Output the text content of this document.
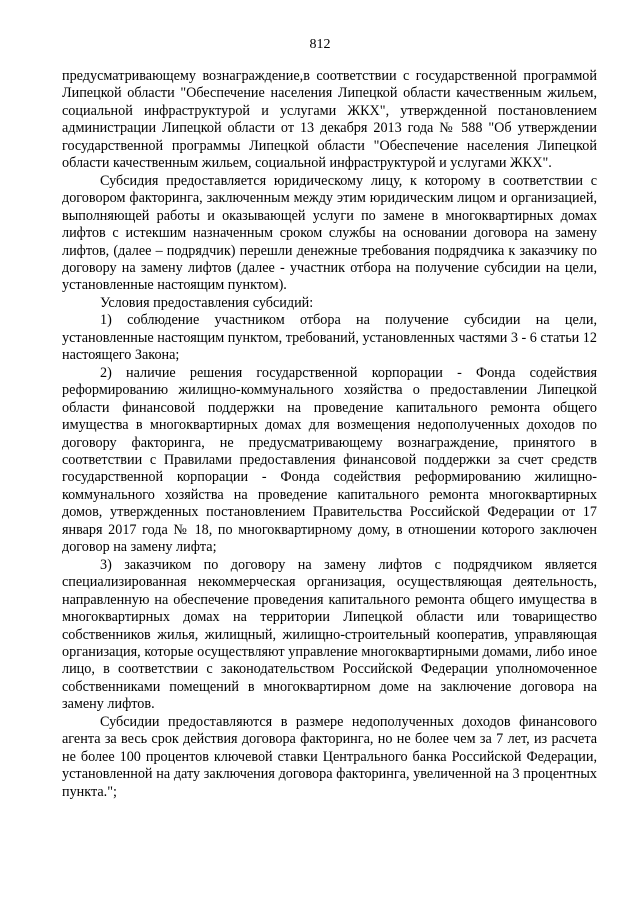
812

предусматривающему вознаграждение,в соответствии с государственной программой Липецкой области "Обеспечение населения Липецкой области качественным жильем, социальной инфраструктурой и услугами ЖКХ", утвержденной постановлением администрации Липецкой области от 13 декабря 2013 года № 588 "Об утверждении государственной программы Липецкой области "Обеспечение населения Липецкой области качественным жильем, социальной инфраструктурой и услугами ЖКХ".

Субсидия предоставляется юридическому лицу, к которому в соответствии с договором факторинга, заключенным между этим юридическим лицом и организацией, выполняющей работы и оказывающей услуги по замене в многоквартирных домах лифтов с истекшим назначенным сроком службы на основании договора на замену лифтов, (далее – подрядчик) перешли денежные требования подрядчика к заказчику по договору на замену лифтов (далее - участник отбора на получение субсидии на цели, установленные настоящим пунктом).

Условия предоставления субсидий:

1) соблюдение участником отбора на получение субсидии на цели, установленные настоящим пунктом, требований, установленных частями 3 - 6 статьи 12 настоящего Закона;

2) наличие решения государственной корпорации - Фонда содействия реформированию жилищно-коммунального хозяйства о предоставлении Липецкой области финансовой поддержки на проведение капитального ремонта общего имущества в многоквартирных домах для возмещения недополученных доходов по договору факторинга, не предусматривающему вознаграждение, принятого в соответствии с Правилами предоставления финансовой поддержки за счет средств государственной корпорации - Фонда содействия реформированию жилищно-коммунального хозяйства на проведение капитального ремонта многоквартирных домов, утвержденных постановлением Правительства Российской Федерации от 17 января 2017 года № 18, по многоквартирному дому, в отношении которого заключен договор на замену лифта;

3) заказчиком по договору на замену лифтов с подрядчиком является специализированная некоммерческая организация, осуществляющая деятельность, направленную на обеспечение проведения капитального ремонта общего имущества в многоквартирных домах на территории Липецкой области или товарищество собственников жилья, жилищный, жилищно-строительный кооператив, управляющая организация, которые осуществляют управление многоквартирными домами, либо иное лицо, в соответствии с законодательством Российской Федерации уполномоченное собственниками помещений в многоквартирном доме на заключение договора на замену лифтов.

Субсидии предоставляются в размере недополученных доходов финансового агента за весь срок действия договора факторинга, но не более чем за 7 лет, из расчета не более 100 процентов ключевой ставки Центрального банка Российской Федерации, установленной на дату заключения договора факторинга, увеличенной на 3 процентных пункта.";
